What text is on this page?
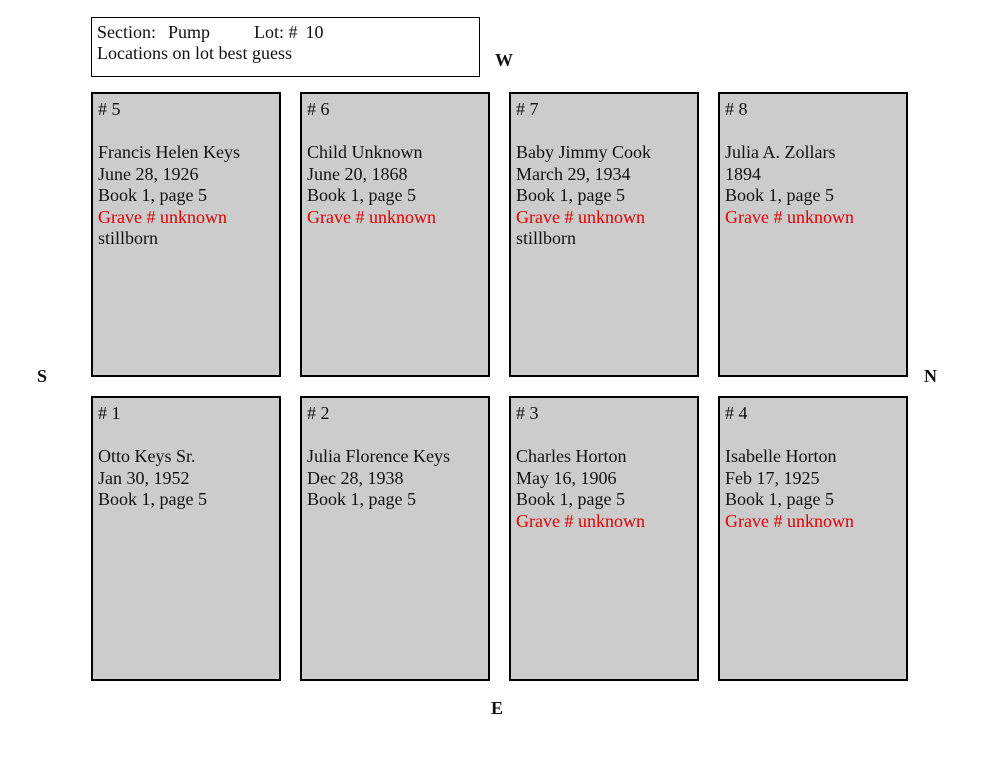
Section: Pump Lot: # 10
Locations on lot best guess	W
S	N
E
# 5
Francis Helen Keys
June 28, 1926
Book 1, page 5
Grave # unknown
stillborn
# 6
Child Unknown
June 20, 1868
Book 1, page 5
Grave # unknown
# 7
Baby Jimmy Cook
March 29, 1934
Book 1, page 5
Grave # unknown
stillborn
# 8
Julia A. Zollars
1894
Book 1, page 5
Grave # unknown
# 1
Otto Keys Sr.
Jan 30, 1952
Book 1, page 5
# 2
Julia Florence Keys
Dec 28, 1938
Book 1, page 5
# 3
Charles Horton
May 16, 1906
Book 1, page 5
Grave # unknown
# 4
Isabelle Horton
Feb 17, 1925
Book 1, page 5
Grave # unknown
